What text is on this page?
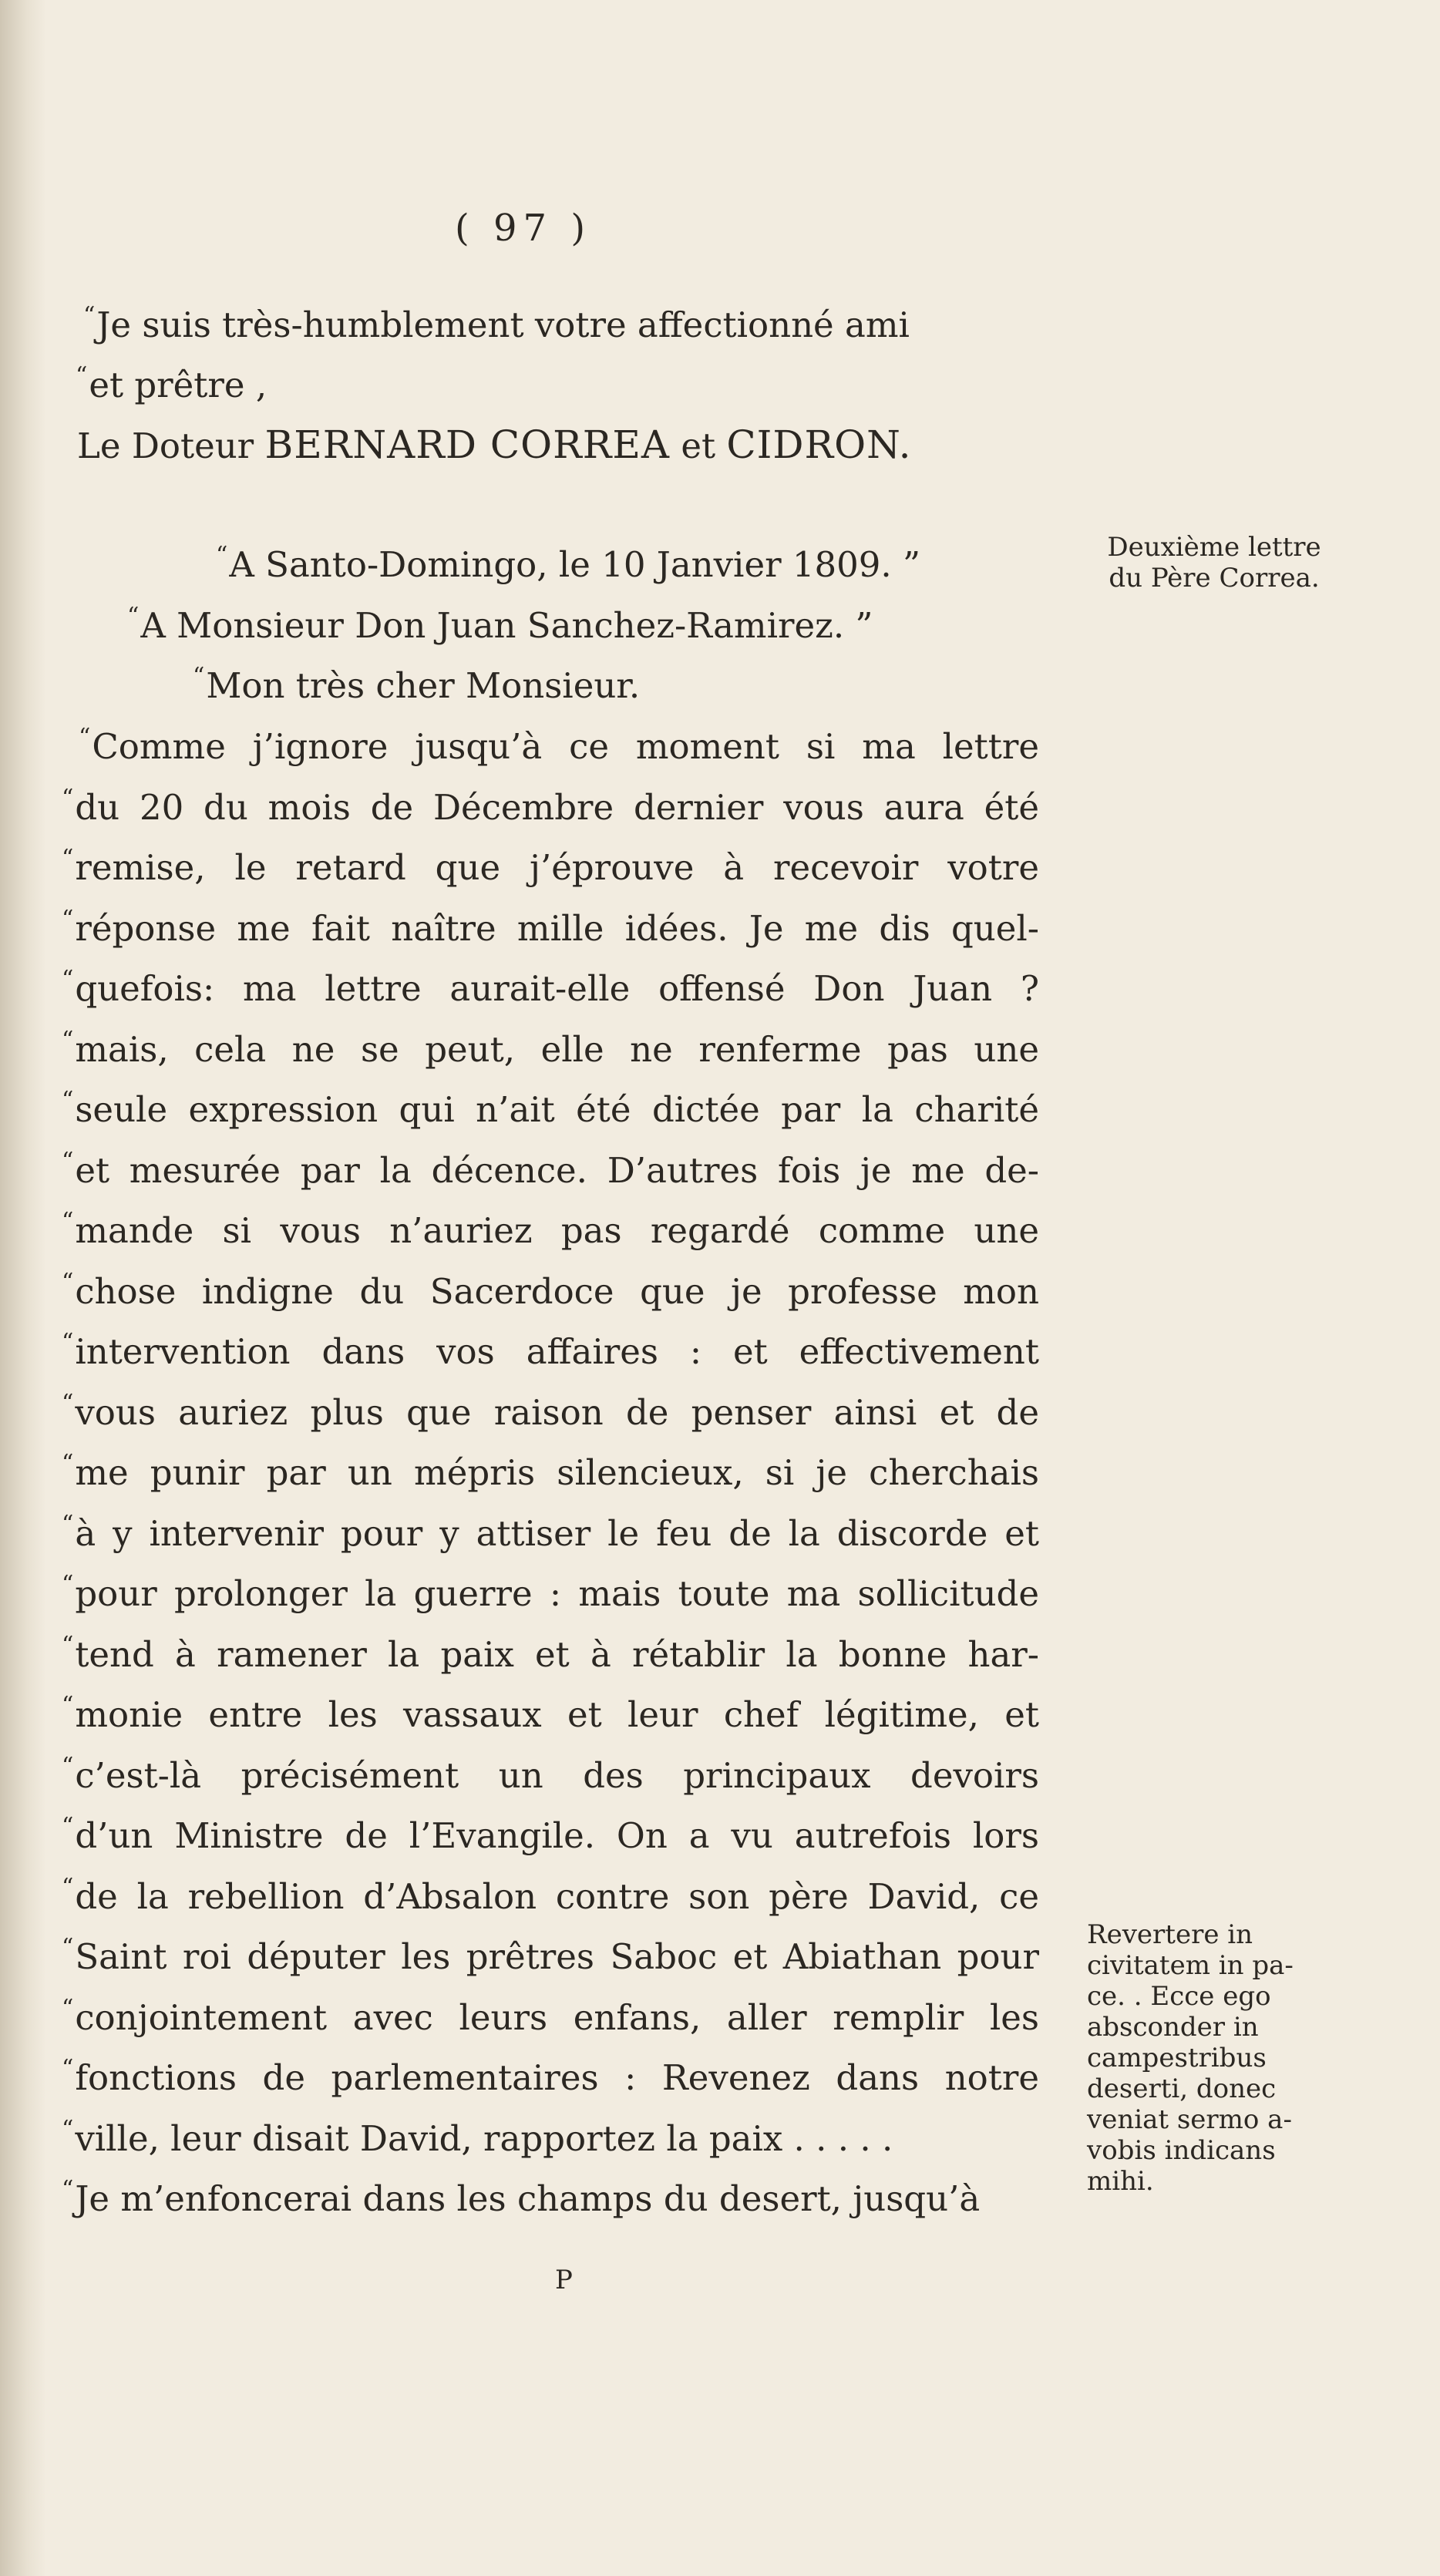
( 97 )
“Je suis très-humblement votre affectionné ami
“et prêtre ,
Le Doteur BERNARD CORREA et CIDRON.
“A Santo-Domingo, le 10 Janvier 1809. ”
“A Monsieur Don Juan Sanchez-Ramirez. ”
“Mon très cher Monsieur.
“Comme j’ignore jusqu’à ce moment si ma lettre
“du 20 du mois de Décembre dernier vous aura été
“remise, le retard que j’éprouve à recevoir votre
“réponse me fait naître mille idées. Je me dis quel-
“quefois: ma lettre aurait-elle offensé Don Juan ?
“mais, cela ne se peut, elle ne renferme pas une
“seule expression qui n’ait été dictée par la charité
“et mesurée par la décence. D’autres fois je me de-
“mande si vous n’auriez pas regardé comme une
“chose indigne du Sacerdoce que je professe mon
“intervention dans vos affaires : et effectivement
“vous auriez plus que raison de penser ainsi et de
“me punir par un mépris silencieux, si je cherchais
“à y intervenir pour y attiser le feu de la discorde et
“pour prolonger la guerre : mais toute ma sollicitude
“tend à ramener la paix et à rétablir la bonne har-
“monie entre les vassaux et leur chef légitime, et
“c’est-là précisément un des principaux devoirs
“d’un Ministre de l’Evangile. On a vu autrefois lors
“de la rebellion d’Absalon contre son père David, ce
“Saint roi députer les prêtres Saboc et Abiathan pour
“conjointement avec leurs enfans, aller remplir les
“fonctions de parlementaires : Revenez dans notre
“ville, leur disait David, rapportez la paix . . . . .
“Je m’enfoncerai dans les champs du desert, jusqu’à
Deuxième lettre
du Père Correa.
Revertere in
civitatem in pa-
ce. . Ecce ego
absconder in
campestribus
deserti, donec
veniat sermo a-
vobis indicans
mihi.
P
